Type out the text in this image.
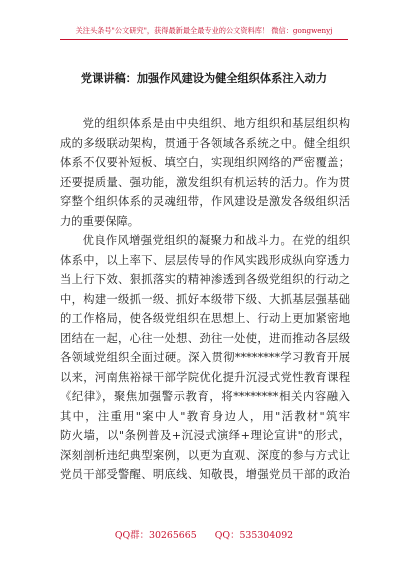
关注头条号"公文研究"，获得最新最全最专业的公文资料库！ 微信：gongwenyj
党课讲稿：加强作风建设为健全组织体系注入动力
党的组织体系是由中央组织、地方组织和基层组织构
成的多级联动架构，贯通于各领域各系统之中。健全组织
体系不仅要补短板、填空白，实现组织网络的严密覆盖；
还要提质量、强功能，激发组织有机运转的活力。作为贯
穿整个组织体系的灵魂纽带，作风建设是激发各级组织活
力的重要保障。
优良作风增强党组织的凝聚力和战斗力。在党的组织
体系中，以上率下、层层传导的作风实践形成纵向穿透力
当上行下效、狠抓落实的精神渗透到各级党组织的行动之
中，构建一级抓一级、抓好本级带下级、大抓基层强基础
的工作格局，使各级党组织在思想上、行动上更加紧密地
团结在一起，心往一处想、劲往一处使，进而推动各层级
各领域党组织全面过硬。深入贯彻********学习教育开展
以来，河南焦裕禄干部学院优化提升沉浸式党性教育课程
《纪律》，聚焦加强警示教育，将********相关内容融入
其中，注重用"案中人"教育身边人，用"活教材"筑牢
防火墙，以"条例普及+沉浸式演绎+理论宣讲"的形式，
深刻剖析违纪典型案例，以更为直观、深度的参与方式让
党员干部受警醒、明底线、知敬畏，增强党员干部的政治
QQ群：30265665 QQ：535304092
